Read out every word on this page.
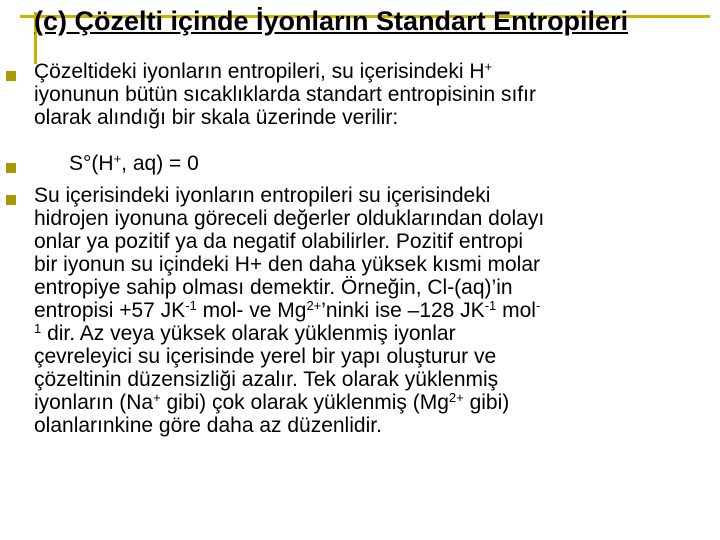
(c) Çözelti içinde İyonların Standart Entropileri
Çözeltideki iyonların entropileri, su içerisindeki H+
iyonunun bütün sıcaklıklarda standart entropisinin sıfır
olarak alındığı bir skala üzerinde verilir:
S°(H+, aq) = 0
Su içerisindeki iyonların entropileri su içerisindeki
hidrojen iyonuna göreceli değerler olduklarından dolayı
onlar ya pozitif ya da negatif olabilirler. Pozitif entropi
bir iyonun su içindeki H+ den daha yüksek kısmi molar
entropiye sahip olması demektir. Örneğin, Cl-(aq)’in
entropisi +57 $JK^{-1}$ mol- ve $Mg^{2+}’ninki$ ise –128 $JK^{-1}$ mol-
$^1$ dir. Az veya yüksek olarak yüklenmiş iyonlar
çevreleyici su içerisinde yerel bir yapı oluşturur ve
çözeltinin düzensizliği azalır. Tek olarak yüklenmiş
iyonların (Na+ gibi) çok olarak yüklenmiş ($Mg^{2+}$ gibi)
olanlarınkine göre daha az düzenlidir.
